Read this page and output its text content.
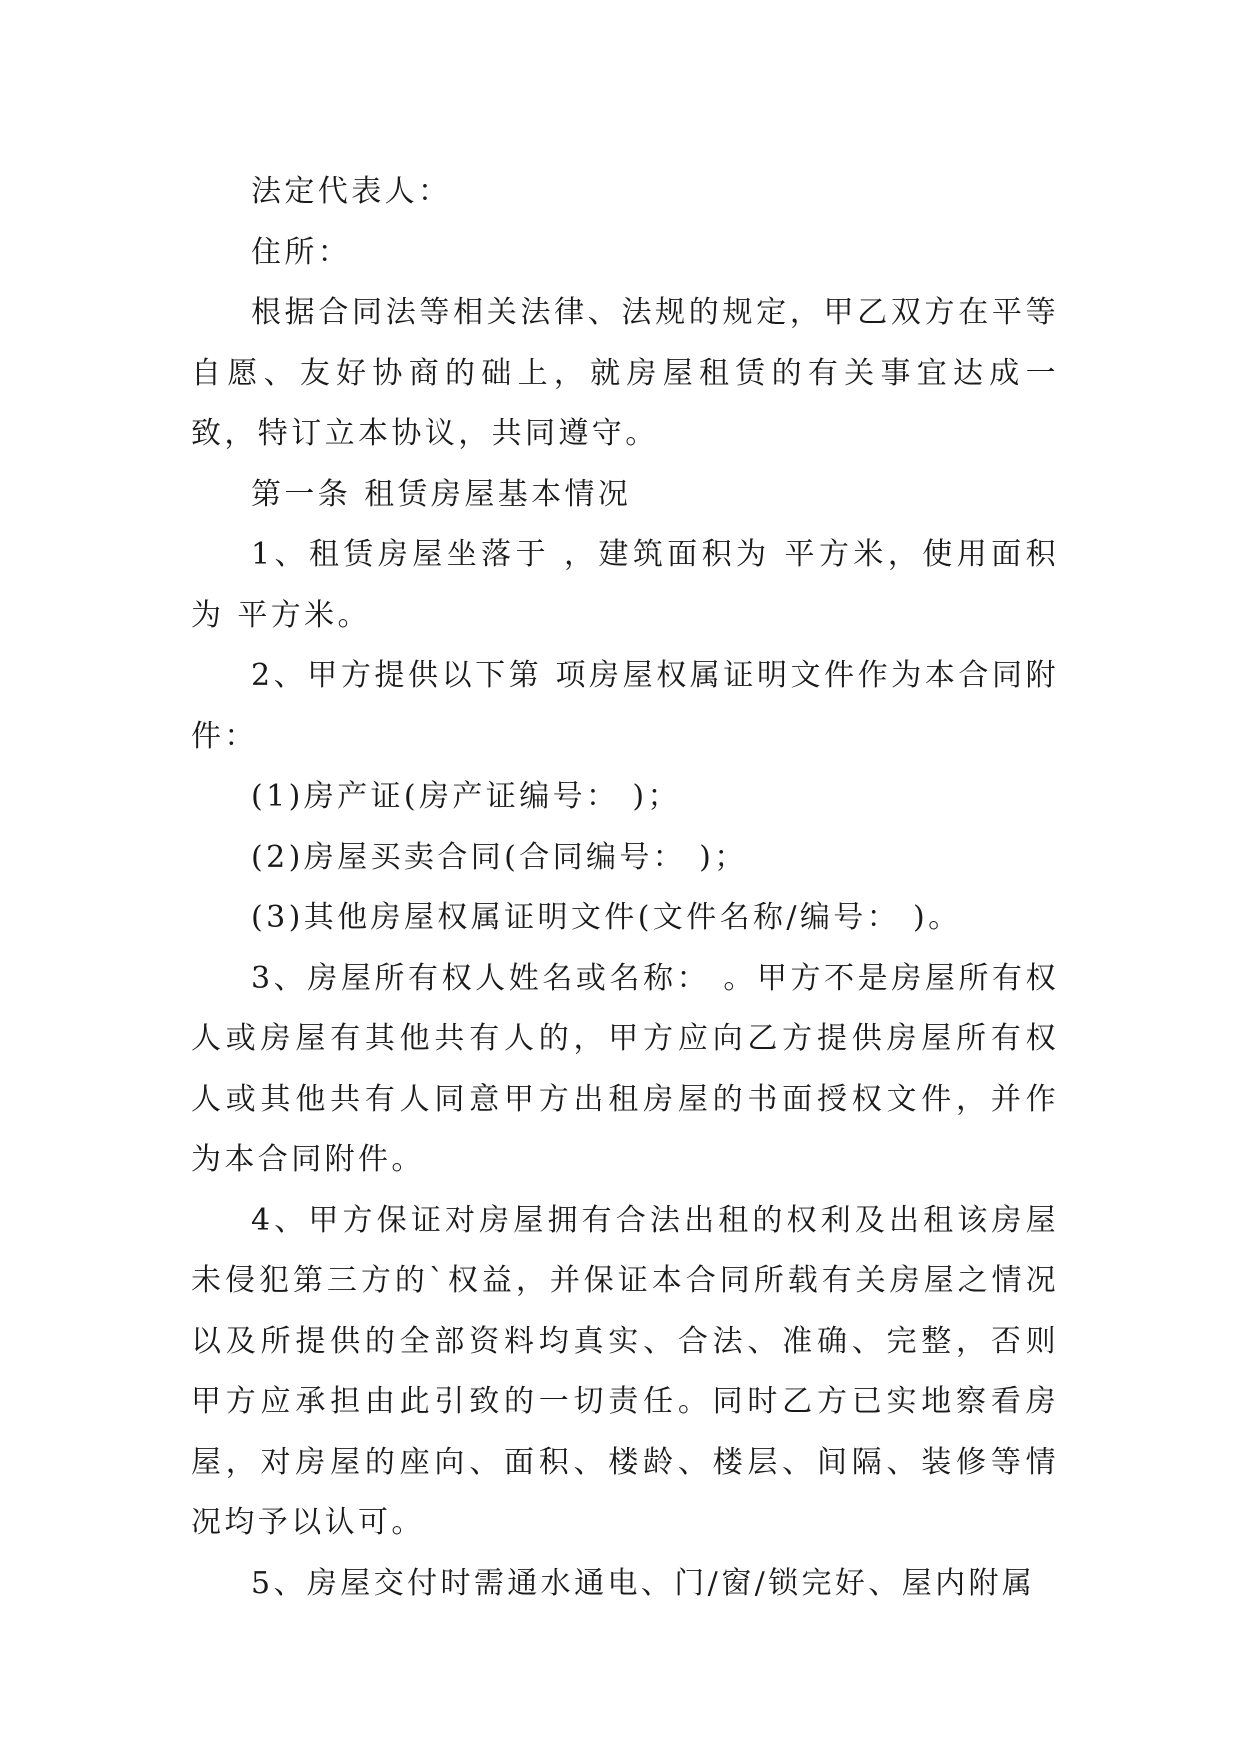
法定代表人：

住所：

根据合同法等相关法律、法规的规定，甲乙双方在平等自愿、友好协商的础上，就房屋租赁的有关事宜达成一致，特订立本协议，共同遵守。

第一条 租赁房屋基本情况

1、租赁房屋坐落于 ，建筑面积为 平方米，使用面积为 平方米。

2、甲方提供以下第 项房屋权属证明文件作为本合同附件：

(1)房产证(房产证编号： )；

(2)房屋买卖合同(合同编号： )；

(3)其他房屋权属证明文件(文件名称/编号： )。

3、房屋所有权人姓名或名称： 。甲方不是房屋所有权人或房屋有其他共有人的，甲方应向乙方提供房屋所有权人或其他共有人同意甲方出租房屋的书面授权文件，并作为本合同附件。

4、甲方保证对房屋拥有合法出租的权利及出租该房屋未侵犯第三方的`权益，并保证本合同所载有关房屋之情况以及所提供的全部资料均真实、合法、准确、完整，否则甲方应承担由此引致的一切责任。同时乙方已实地察看房屋，对房屋的座向、面积、楼龄、楼层、间隔、装修等情况均予以认可。

5、房屋交付时需通水通电、门/窗/锁完好、屋内附属
